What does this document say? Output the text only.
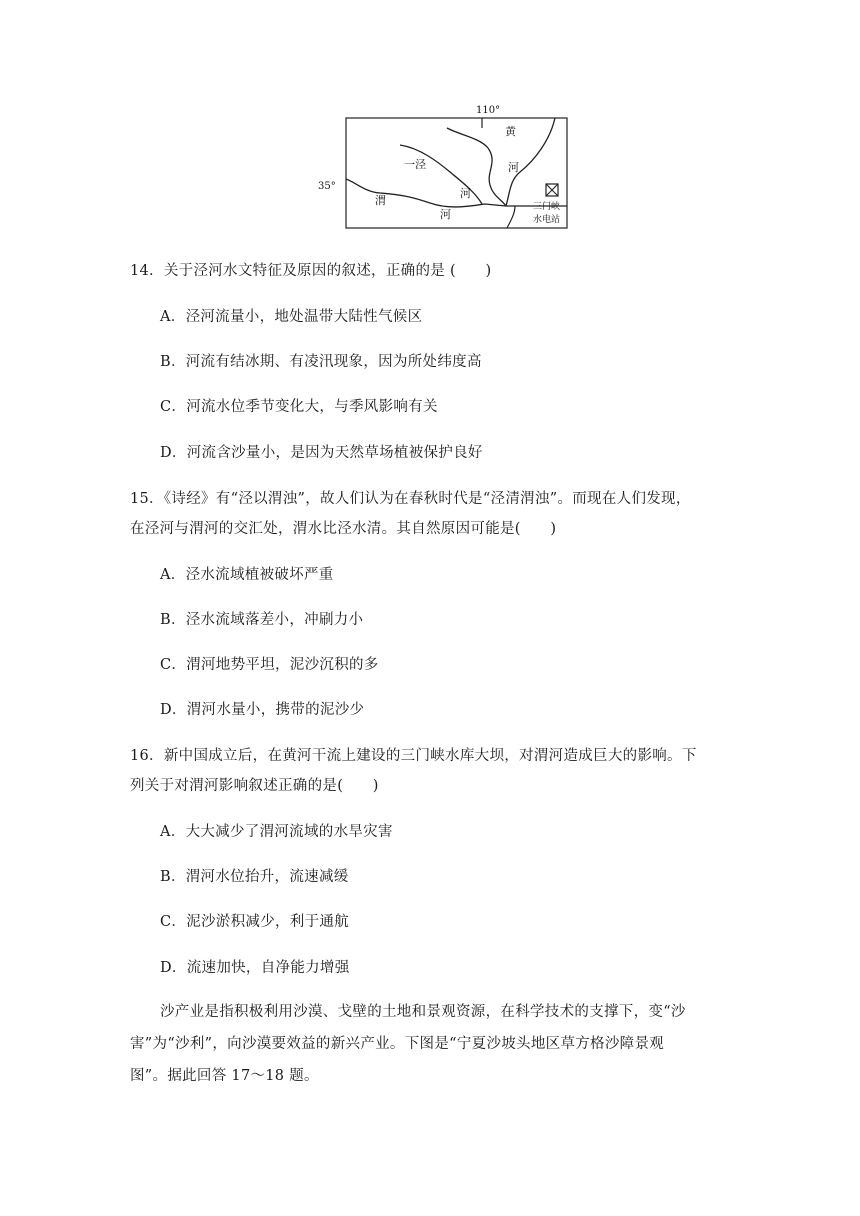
110°
35°
黄
河
一泾
河
渭
河
三门峡
水电站
14．关于泾河水文特征及原因的叙述，正确的是 (　　)
A．泾河流量小，地处温带大陆性气候区
B．河流有结冰期、有凌汛现象，因为所处纬度高
C．河流水位季节变化大，与季风影响有关
D．河流含沙量小，是因为天然草场植被保护良好
15．《诗经》有“泾以渭浊”，故人们认为在春秋时代是“泾清渭浊”。而现在人们发现，
在泾河与渭河的交汇处，渭水比泾水清。其自然原因可能是(　　)
A．泾水流域植被破坏严重
B．泾水流域落差小，冲刷力小
C．渭河地势平坦，泥沙沉积的多
D．渭河水量小，携带的泥沙少
16．新中国成立后，在黄河干流上建设的三门峡水库大坝，对渭河造成巨大的影响。下
列关于对渭河影响叙述正确的是(　　)
A．大大减少了渭河流域的水旱灾害
B．渭河水位抬升，流速减缓
C．泥沙淤积减少，利于通航
D．流速加快，自净能力增强
沙产业是指积极利用沙漠、戈壁的土地和景观资源，在科学技术的支撑下，变“沙
害”为“沙利”，向沙漠要效益的新兴产业。下图是“宁夏沙坡头地区草方格沙障景观
图”。据此回答 17～18 题。
